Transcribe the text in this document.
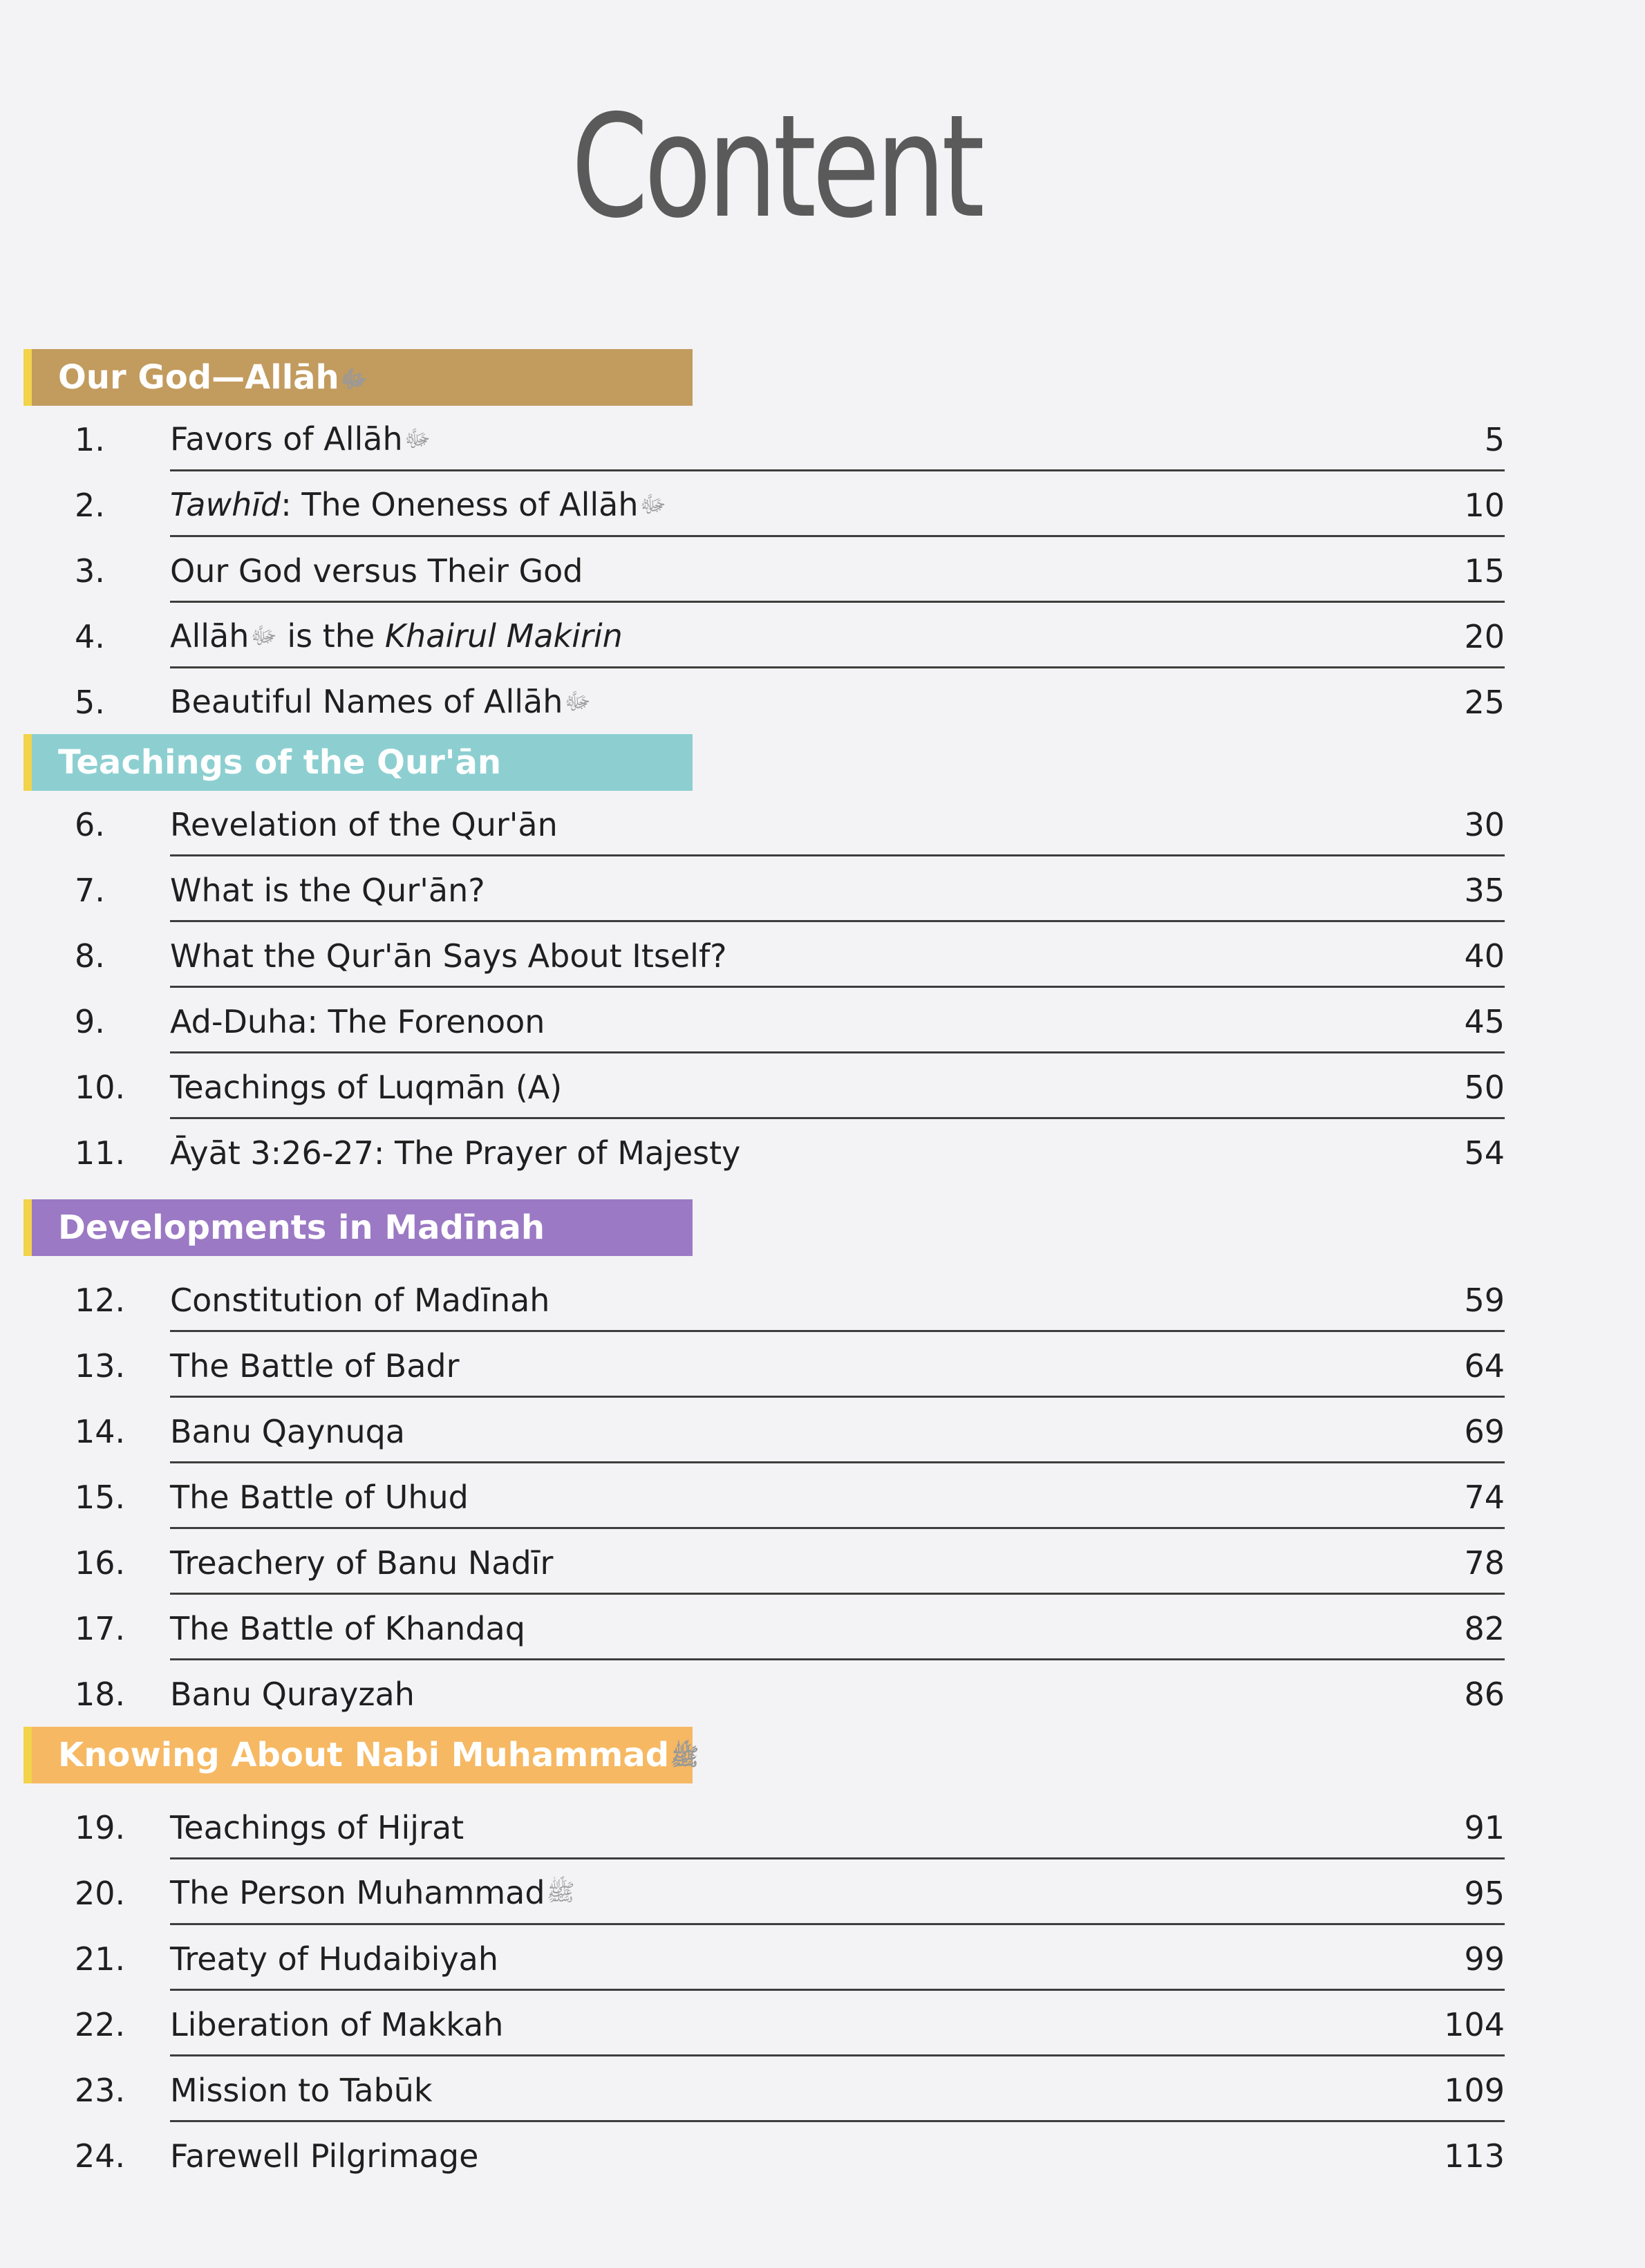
Content
Our God—Allāhﷻ
1. Favors of Allāhﷻ	5
2. Tawhīd: The Oneness of Allāhﷻ	10
3. Our God versus Their God	15
4. Allāhﷻ is the Khairul Makirin	20
5. Beautiful Names of Allāhﷻ	25
Teachings of the Qur'ān
6. Revelation of the Qur'ān	30
7. What is the Qur'ān?	35
8. What the Qur'ān Says About Itself?	40
9. Ad-Duha: The Forenoon	45
10. Teachings of Luqmān (A)	50
11. Āyāt 3:26-27: The Prayer of Majesty	54
Developments in Madīnah
12. Constitution of Madīnah	59
13. The Battle of Badr	64
14. Banu Qaynuqa	69
15. The Battle of Uhud	74
16. Treachery of Banu Nadīr	78
17. The Battle of Khandaq	82
18. Banu Qurayzah	86
Knowing About Nabi Muhammadﷺ
19. Teachings of Hijrat	91
20. The Person Muhammadﷺ	95
21. Treaty of Hudaibiyah	99
22. Liberation of Makkah	104
23. Mission to Tabūk	109
24. Farewell Pilgrimage	113
